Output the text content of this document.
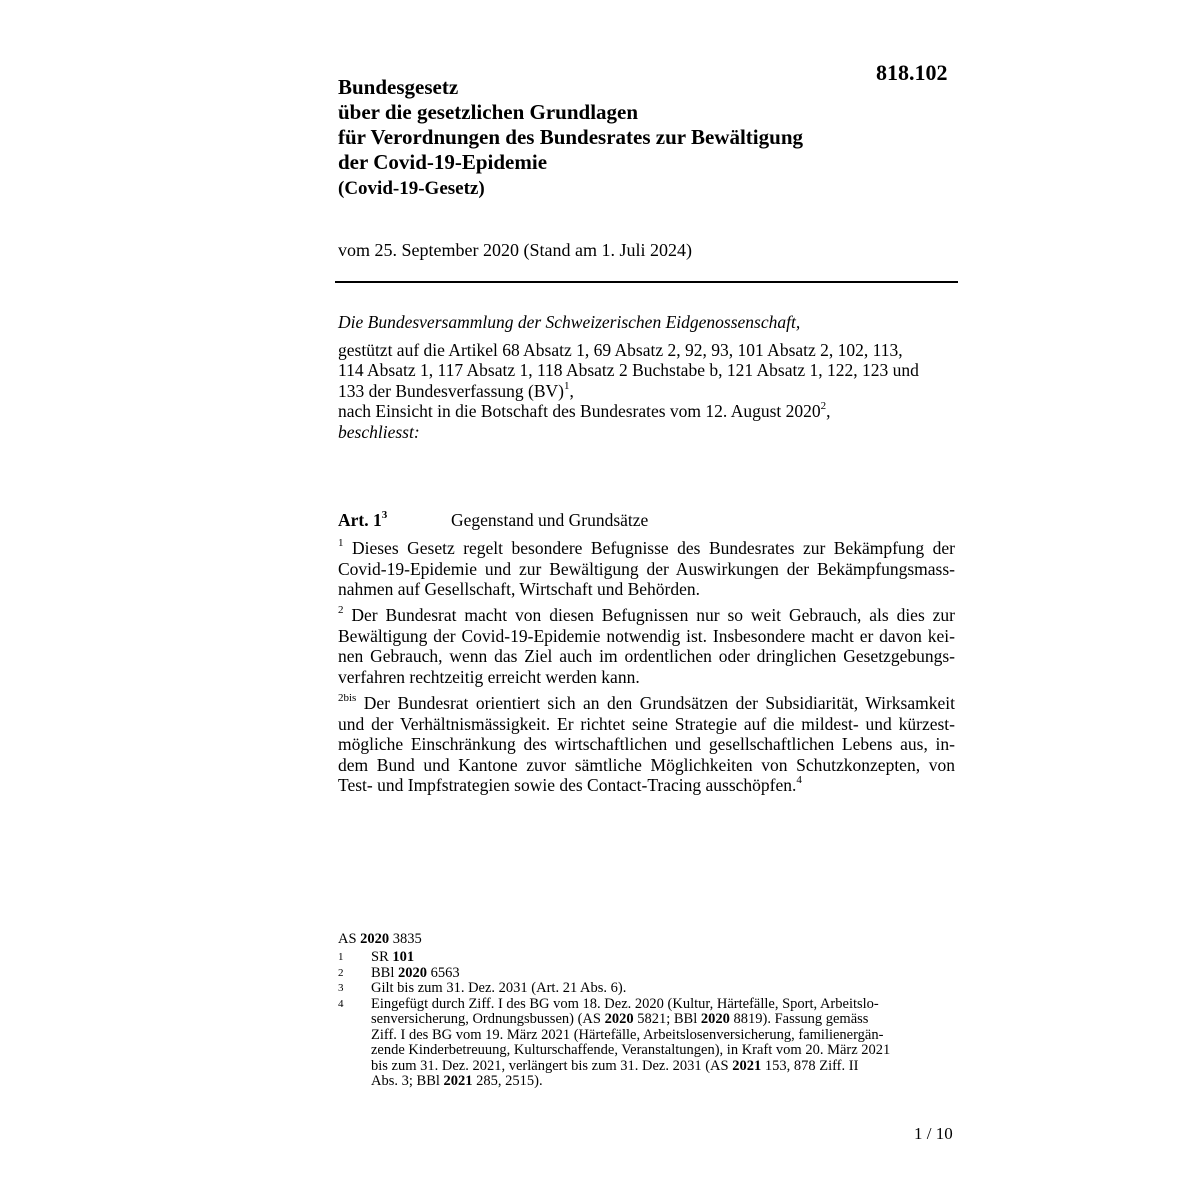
818.102
Bundesgesetz
über die gesetzlichen Grundlagen
für Verordnungen des Bundesrates zur Bewältigung
der Covid-19-Epidemie
(Covid-19-Gesetz)
vom 25. September 2020 (Stand am 1. Juli 2024)

Die Bundesversammlung der Schweizerischen Eidgenossenschaft,

gestützt auf die Artikel 68 Absatz 1, 69 Absatz 2, 92, 93, 101 Absatz 2, 102, 113,
114 Absatz 1, 117 Absatz 1, 118 Absatz 2 Buchstabe b, 121 Absatz 1, 122, 123 und
133 der Bundesverfassung (BV)$^1$,

nach Einsicht in die Botschaft des Bundesrates vom 12. August 2020$^2$,

beschliesst:

Art. $1^3$	Gegenstand und Grundsätze
$^1$ Dieses Gesetz regelt besondere Befugnisse des Bundesrates zur Bekämpfung der
Covid-19-Epidemie und zur Bewältigung der Auswirkungen der Bekämpfungsmass-
nahmen auf Gesellschaft, Wirtschaft und Behörden.
$^2$ Der Bundesrat macht von diesen Befugnissen nur so weit Gebrauch, als dies zur
Bewältigung der Covid-19-Epidemie notwendig ist. Insbesondere macht er davon kei-
nen Gebrauch, wenn das Ziel auch im ordentlichen oder dringlichen Gesetzgebungs-
verfahren rechtzeitig erreicht werden kann.
$^{2bis}$ Der Bundesrat orientiert sich an den Grundsätzen der Subsidiarität, Wirksamkeit
und der Verhältnismässigkeit. Er richtet seine Strategie auf die mildest- und kürzest-
mögliche Einschränkung des wirtschaftlichen und gesellschaftlichen Lebens aus, in-
dem Bund und Kantone zuvor sämtliche Möglichkeiten von Schutzkonzepten, von
Test- und Impfstrategien sowie des Contact-Tracing ausschöpfen.$^4$
AS 2020 3835
1	SR 101
2	BBl 2020 6563
3	Gilt bis zum 31. Dez. 2031 (Art. 21 Abs. 6).
4	Eingefügt durch Ziff. I des BG vom 18. Dez. 2020 (Kultur, Härtefälle, Sport, Arbeitslo-
senversicherung, Ordnungsbussen) (AS 2020 5821; BBl 2020 8819). Fassung gemäss
Ziff. I des BG vom 19. März 2021 (Härtefälle, Arbeitslosenversicherung, familienergän-
zende Kinderbetreuung, Kulturschaffende, Veranstaltungen), in Kraft vom 20. März 2021
bis zum 31. Dez. 2021, verlängert bis zum 31. Dez. 2031 (AS 2021 153, 878 Ziff. II
Abs. 3; BBl 2021 285, 2515).
1 / 10
